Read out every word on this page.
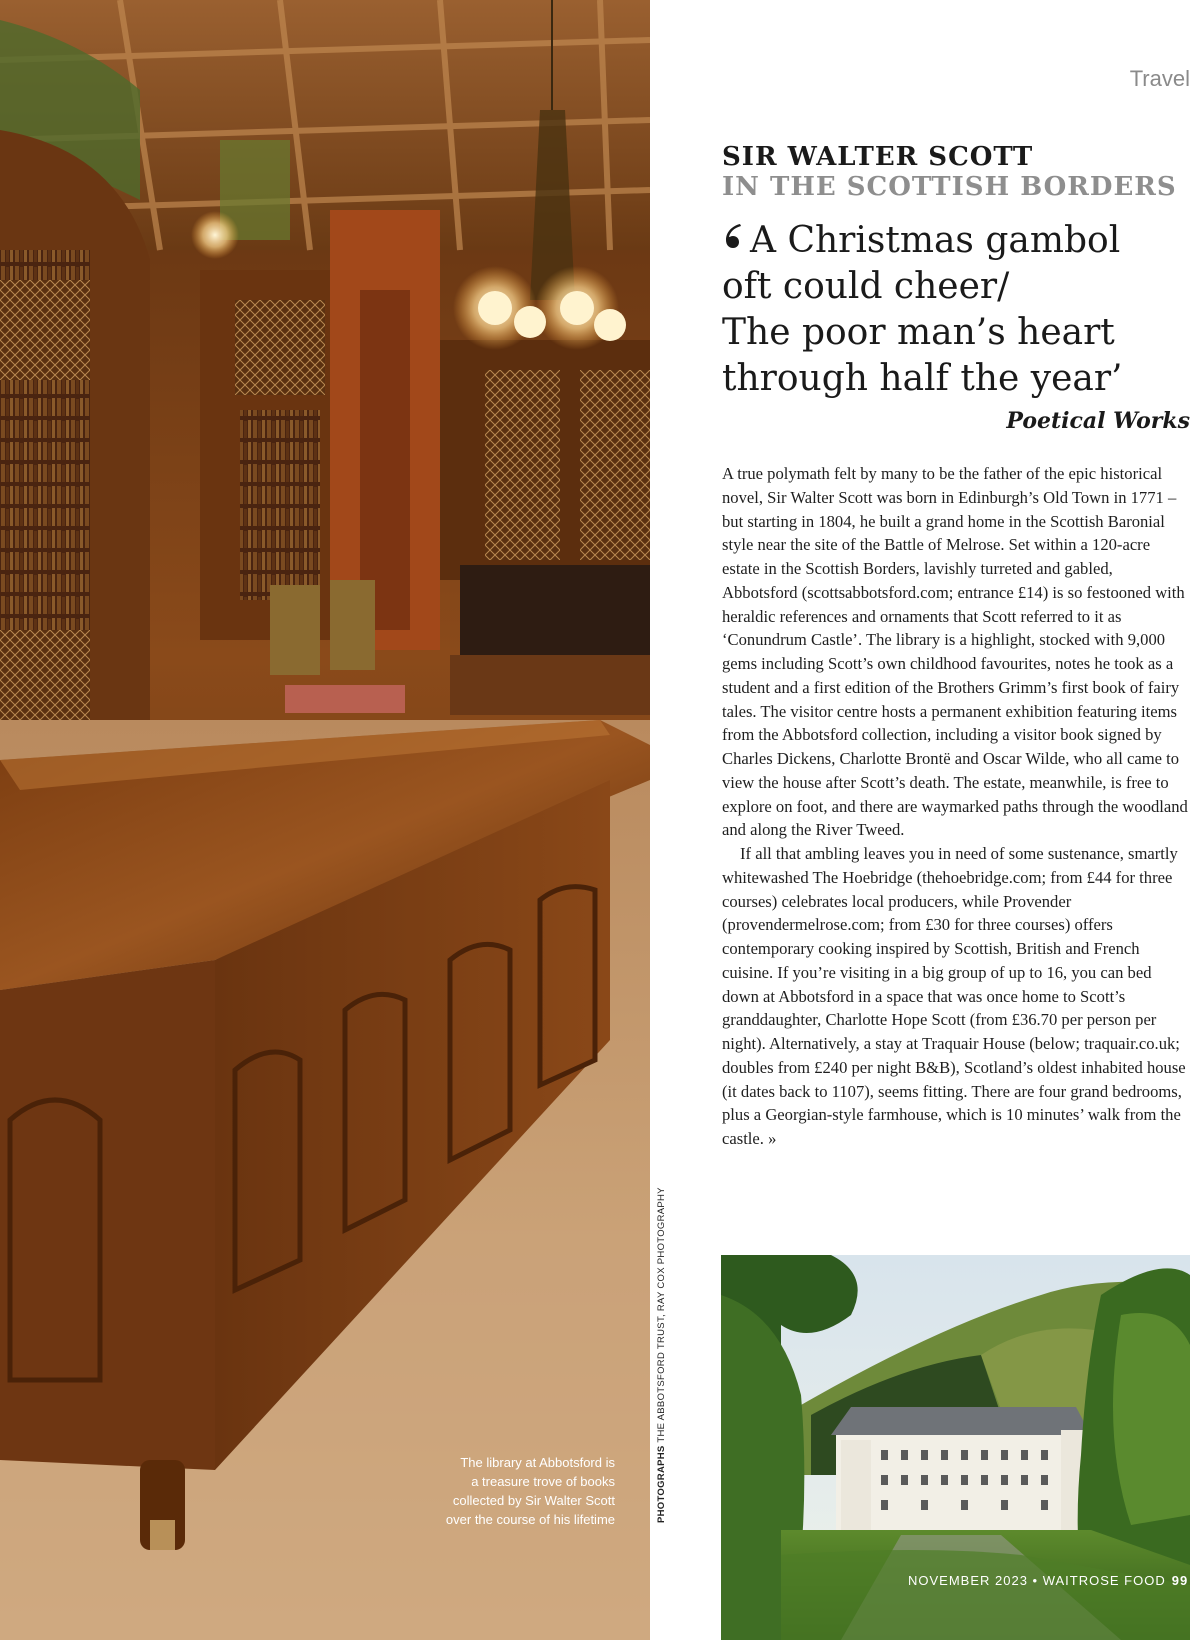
The library at Abbotsford is
a treasure trove of books
collected by Sir Walter Scott
over the course of his lifetime	PHOTOGRAPHS THE ABBOTSFORD TRUST, RAY COX PHOTOGRAPHY
Travel
SIR WALTER SCOTT
IN THE SCOTTISH BORDERS
A Christmas gambol
oft could cheer/
The poor man’s heart
through half the year’
Poetical Works

A true polymath felt by many to be the father of the epic historical novel, Sir Walter Scott was born in Edinburgh’s Old Town in 1771 – but starting in 1804, he built a grand home in the Scottish Baronial style near the site of the Battle of Melrose. Set within a 120-acre estate in the Scottish Borders, lavishly turreted and gabled, Abbotsford (scottsabbotsford.com; entrance £14) is so festooned with heraldic references and ornaments that Scott referred to it as ‘Conundrum Castle’. The library is a highlight, stocked with 9,000 gems including Scott’s own childhood favourites, notes he took as a student and a first edition of the Brothers Grimm’s first book of fairy tales. The visitor centre hosts a permanent exhibition featuring items from the Abbotsford collection, including a visitor book signed by Charles Dickens, Charlotte Brontë and Oscar Wilde, who all came to view the house after Scott’s death. The estate, meanwhile, is free to explore on foot, and there are waymarked paths through the woodland and along the River Tweed.

If all that ambling leaves you in need of some sustenance, smartly whitewashed The Hoebridge (thehoebridge.com; from £44 for three courses) celebrates local producers, while Provender (provendermelrose.com; from £30 for three courses) offers contemporary cooking inspired by Scottish, British and French cuisine. If you’re visiting in a big group of up to 16, you can bed down at Abbotsford in a space that was once home to Scott’s granddaughter, Charlotte Hope Scott (from £36.70 per person per night). Alternatively, a stay at Traquair House (below; traquair.co.uk; doubles from £240 per night B&B), Scotland’s oldest inhabited house (it dates back to 1107), seems fitting. There are four grand bedrooms, plus a Georgian-style farmhouse, which is 10 minutes’ walk from the castle. »

NOVEMBER 2023 • WAITROSE FOOD 99
